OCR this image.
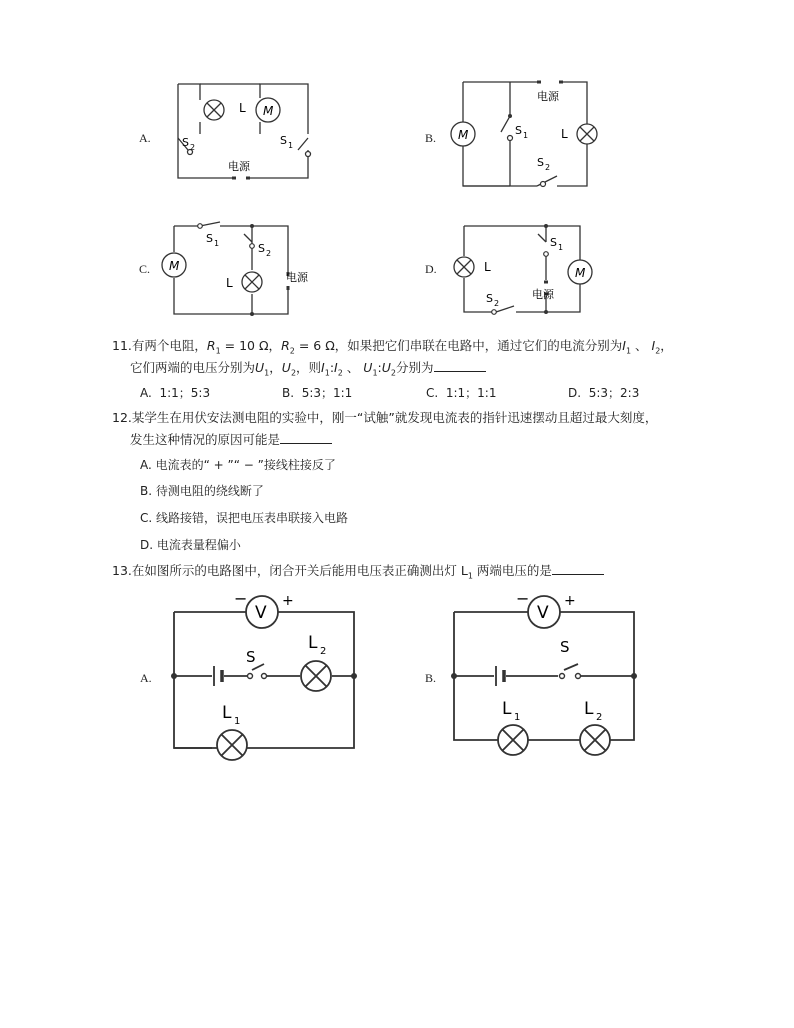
A.
L M
S 2
S 1
电源
B.
电源
M	L
S 1
S 2
C.
S 1	S 2
M
L	电源
D.	L
S 1
M
电源
S 2
11.有两个电阻，$R_1 = 10$ Ω，$R_2 = 6$ Ω，如果把它们串联在电路中，通过它们的电流分别为$I_1$ 、 $I_2$，
它们两端的电压分别为$U_1$，$U_2$，则$I_1:I_2$ 、 $U_1:U_2$分别为
A. 1:1；5:3	B. 5:3；1:1	C. 1:1；1:1	D. 5:3；2:3
12.某学生在用伏安法测电阻的实验中，刚一“试触”就发现电流表的指针迅速摆动且超过最大刻度，
发生这种情况的原因可能是
A. 电流表的“ + ”“ − ”接线柱接反了
B. 待测电阻的绕线断了
C. 线路接错，误把电压表串联接入电路
D. 电流表量程偏小
13.在如图所示的电路图中，闭合开关后能用电压表正确测出灯 $L_1$ 两端电压的是
A.
V
− +
S
L 2
L 1
B.
V
− +
S
L 1	L 2
